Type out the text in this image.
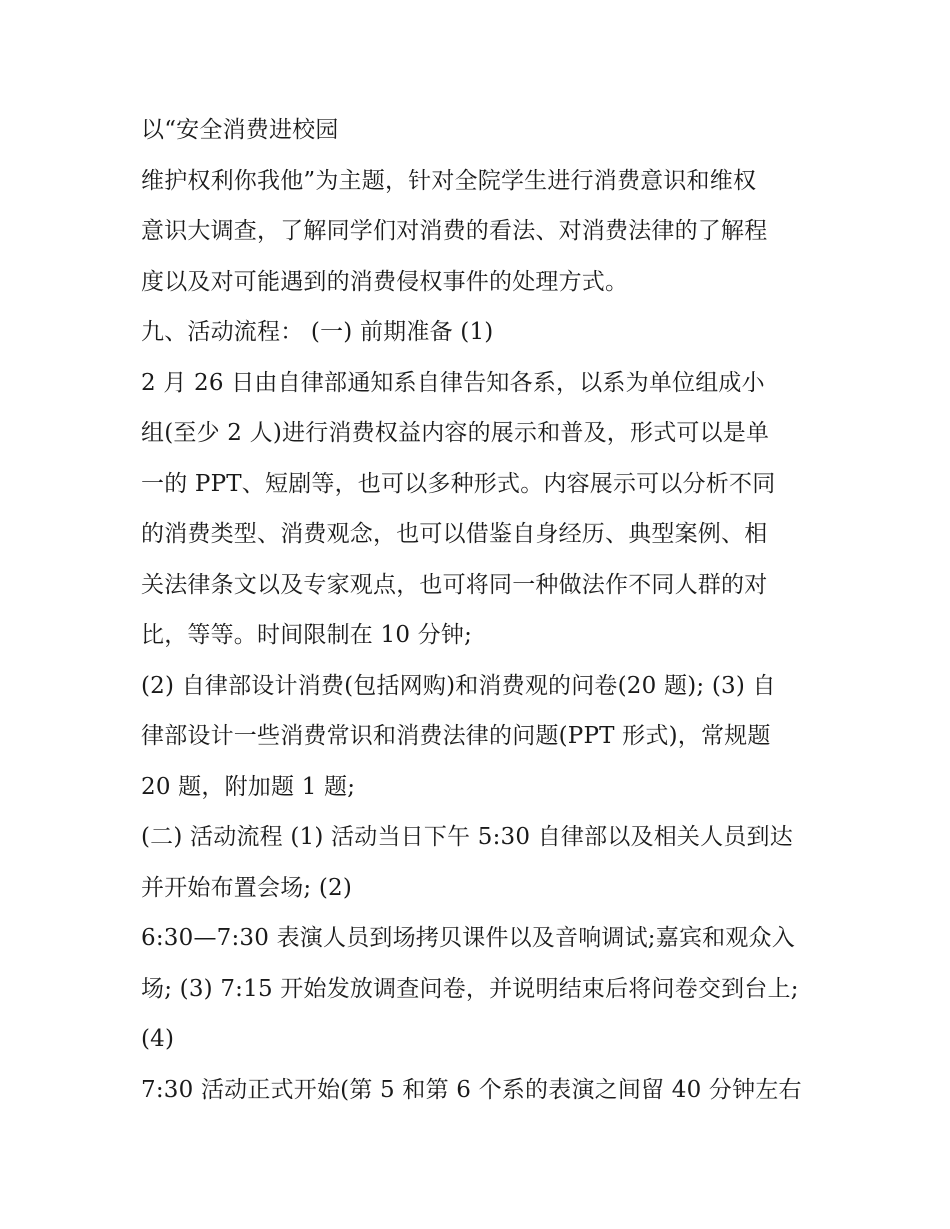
以“安全消费进校园
维护权利你我他”为主题，针对全院学生进行消费意识和维权
意识大调查，了解同学们对消费的看法、对消费法律的了解程
度以及对可能遇到的消费侵权事件的处理方式。
九、活动流程： (一) 前期准备 (1)
2 月 26 日由自律部通知系自律告知各系，以系为单位组成小
组(至少 2 人)进行消费权益内容的展示和普及，形式可以是单
一的 PPT、短剧等，也可以多种形式。内容展示可以分析不同
的消费类型、消费观念，也可以借鉴自身经历、典型案例、相
关法律条文以及专家观点，也可将同一种做法作不同人群的对
比，等等。时间限制在 10 分钟;
(2) 自律部设计消费(包括网购)和消费观的问卷(20 题); (3) 自
律部设计一些消费常识和消费法律的问题(PPT 形式)，常规题
20 题，附加题 1 题;
(二) 活动流程 (1) 活动当日下午 5:30 自律部以及相关人员到达
并开始布置会场; (2)
6:30—7:30 表演人员到场拷贝课件以及音响调试;嘉宾和观众入
场; (3) 7:15 开始发放调查问卷，并说明结束后将问卷交到台上;
(4)
7:30 活动正式开始(第 5 和第 6 个系的表演之间留 40 分钟左右
